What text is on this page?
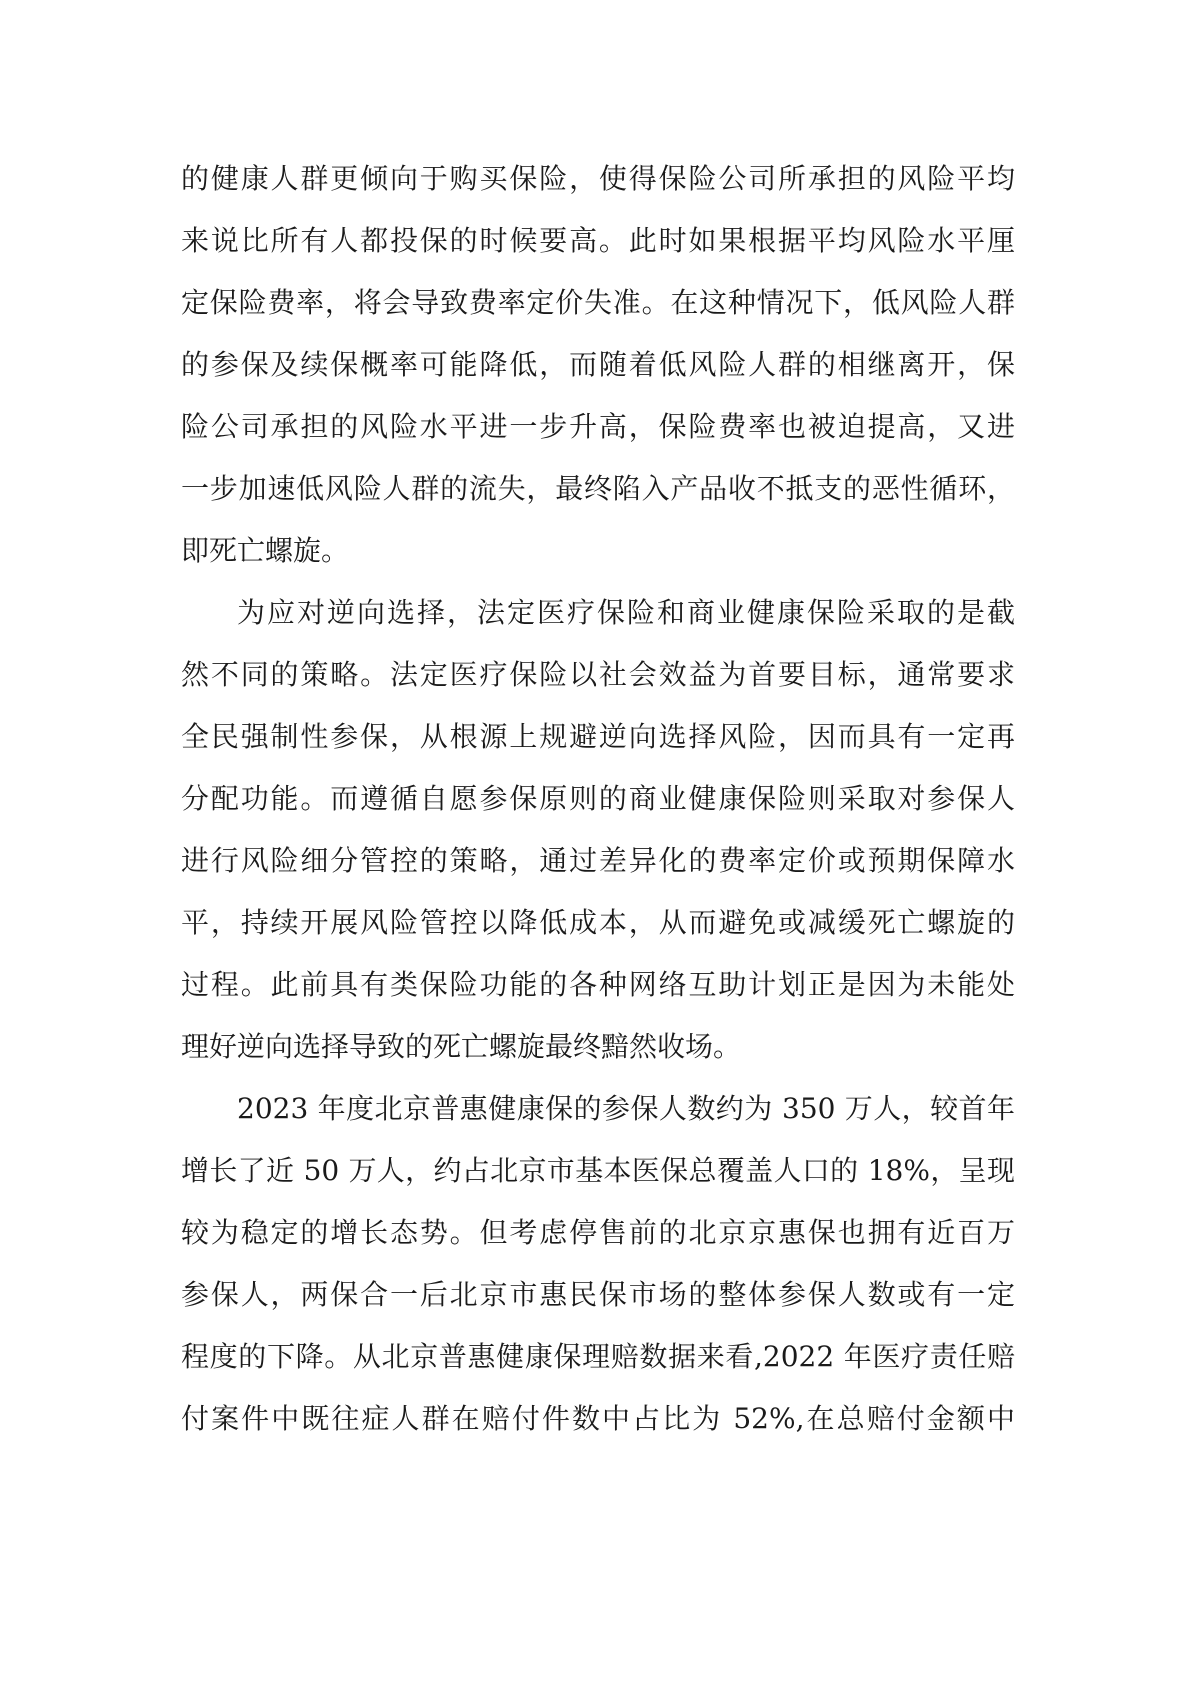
的健康人群更倾向于购买保险，使得保险公司所承担的风险平均
来说比所有人都投保的时候要高。此时如果根据平均风险水平厘
定保险费率，将会导致费率定价失准。在这种情况下，低风险人群
的参保及续保概率可能降低，而随着低风险人群的相继离开，保
险公司承担的风险水平进一步升高，保险费率也被迫提高，又进
一步加速低风险人群的流失，最终陷入产品收不抵支的恶性循环，
即死亡螺旋。

为应对逆向选择，法定医疗保险和商业健康保险采取的是截
然不同的策略。法定医疗保险以社会效益为首要目标，通常要求
全民强制性参保，从根源上规避逆向选择风险，因而具有一定再
分配功能。而遵循自愿参保原则的商业健康保险则采取对参保人
进行风险细分管控的策略，通过差异化的费率定价或预期保障水
平，持续开展风险管控以降低成本，从而避免或减缓死亡螺旋的
过程。此前具有类保险功能的各种网络互助计划正是因为未能处
理好逆向选择导致的死亡螺旋最终黯然收场。

2023 年度北京普惠健康保的参保人数约为 350 万人，较首年
增长了近 50 万人，约占北京市基本医保总覆盖人口的 18%，呈现
较为稳定的增长态势。但考虑停售前的北京京惠保也拥有近百万
参保人，两保合一后北京市惠民保市场的整体参保人数或有一定
程度的下降。从北京普惠健康保理赔数据来看,2022 年医疗责任赔
付案件中既往症人群在赔付件数中占比为 52%,在总赔付金额中
